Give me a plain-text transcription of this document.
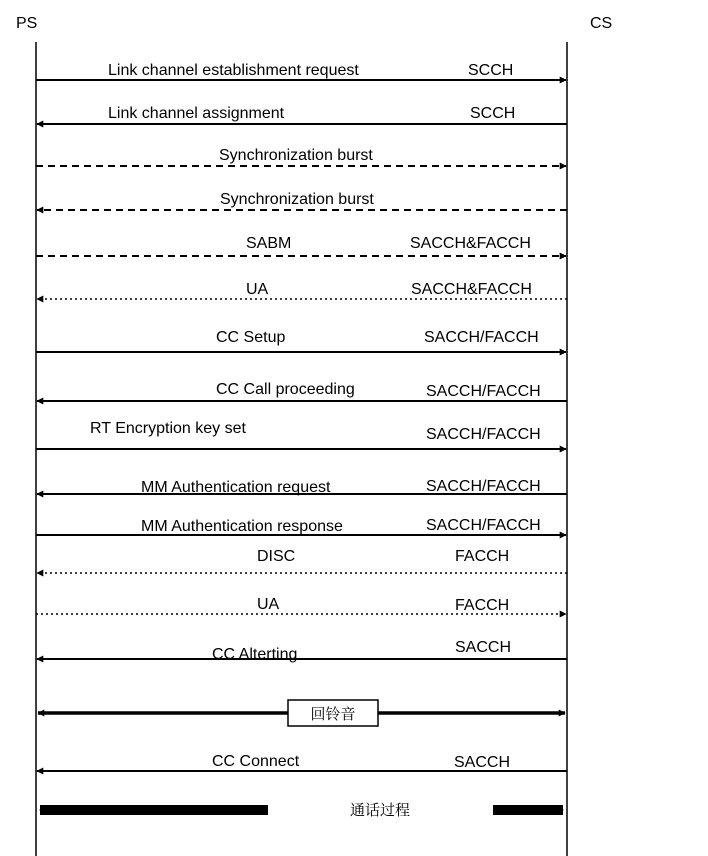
PS	CS
Link channel establishment request	SCCH
Link channel assignment	SCCH
Synchronization burst
Synchronization burst
SABM	SACCH&FACCH
UA	SACCH&FACCH
CC Setup	SACCH/FACCH
CC Call proceeding	SACCH/FACCH
RT Encryption key set	SACCH/FACCH
MM Authentication request	SACCH/FACCH
MM Authentication response	SACCH/FACCH
DISC	FACCH
UA	FACCH
CC Alterting	SACCH
回铃音
CC Connect	SACCH
通话过程
